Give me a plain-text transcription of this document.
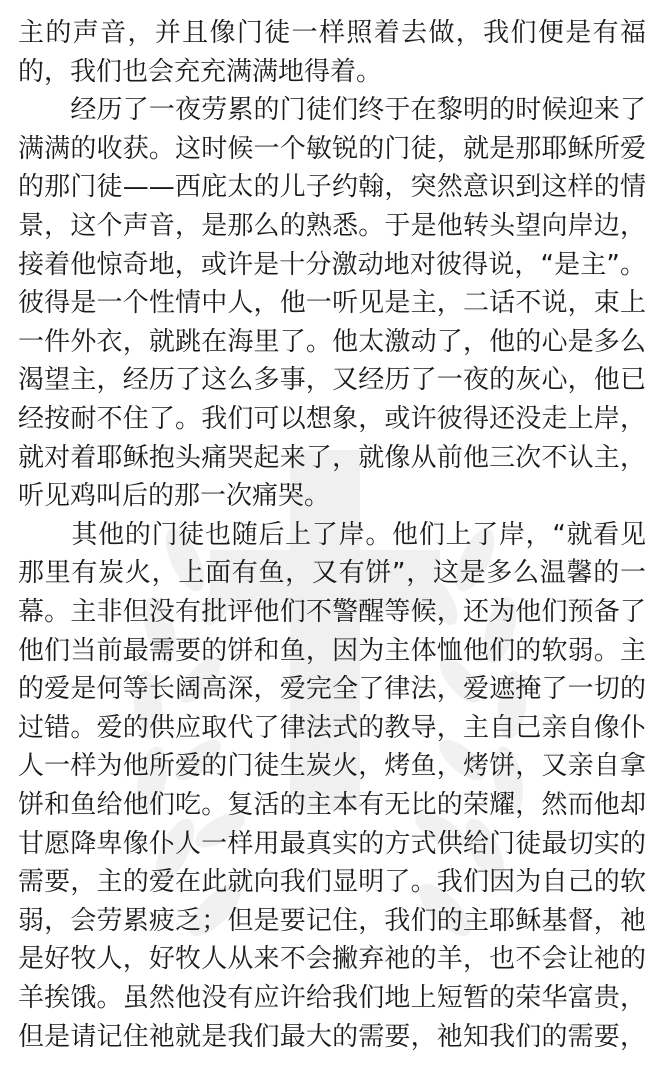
主的声音，并且像门徒一样照着去做，我们便是有福
的，我们也会充充满满地得着。
　　经历了一夜劳累的门徒们终于在黎明的时候迎来了
满满的收获。这时候一个敏锐的门徒，就是那耶稣所爱
的那门徒——西庇太的儿子约翰，突然意识到这样的情
景，这个声音，是那么的熟悉。于是他转头望向岸边，
接着他惊奇地，或许是十分激动地对彼得说，“是主”。
彼得是一个性情中人，他一听见是主，二话不说，束上
一件外衣，就跳在海里了。他太激动了，他的心是多么
渴望主，经历了这么多事，又经历了一夜的灰心，他已
经按耐不住了。我们可以想象，或许彼得还没走上岸，
就对着耶稣抱头痛哭起来了，就像从前他三次不认主，
听见鸡叫后的那一次痛哭。
　　其他的门徒也随后上了岸。他们上了岸，“就看见
那里有炭火，上面有鱼，又有饼”，这是多么温馨的一
幕。主非但没有批评他们不警醒等候，还为他们预备了
他们当前最需要的饼和鱼，因为主体恤他们的软弱。主
的爱是何等长阔高深，爱完全了律法，爱遮掩了一切的
过错。爱的供应取代了律法式的教导，主自己亲自像仆
人一样为他所爱的门徒生炭火，烤鱼，烤饼，又亲自拿
饼和鱼给他们吃。复活的主本有无比的荣耀，然而他却
甘愿降卑像仆人一样用最真实的方式供给门徒最切实的
需要，主的爱在此就向我们显明了。我们因为自己的软
弱，会劳累疲乏；但是要记住，我们的主耶稣基督，祂
是好牧人，好牧人从来不会撇弃祂的羊，也不会让祂的
羊挨饿。虽然他没有应许给我们地上短暂的荣华富贵，
但是请记住祂就是我们最大的需要，祂知我们的需要，
